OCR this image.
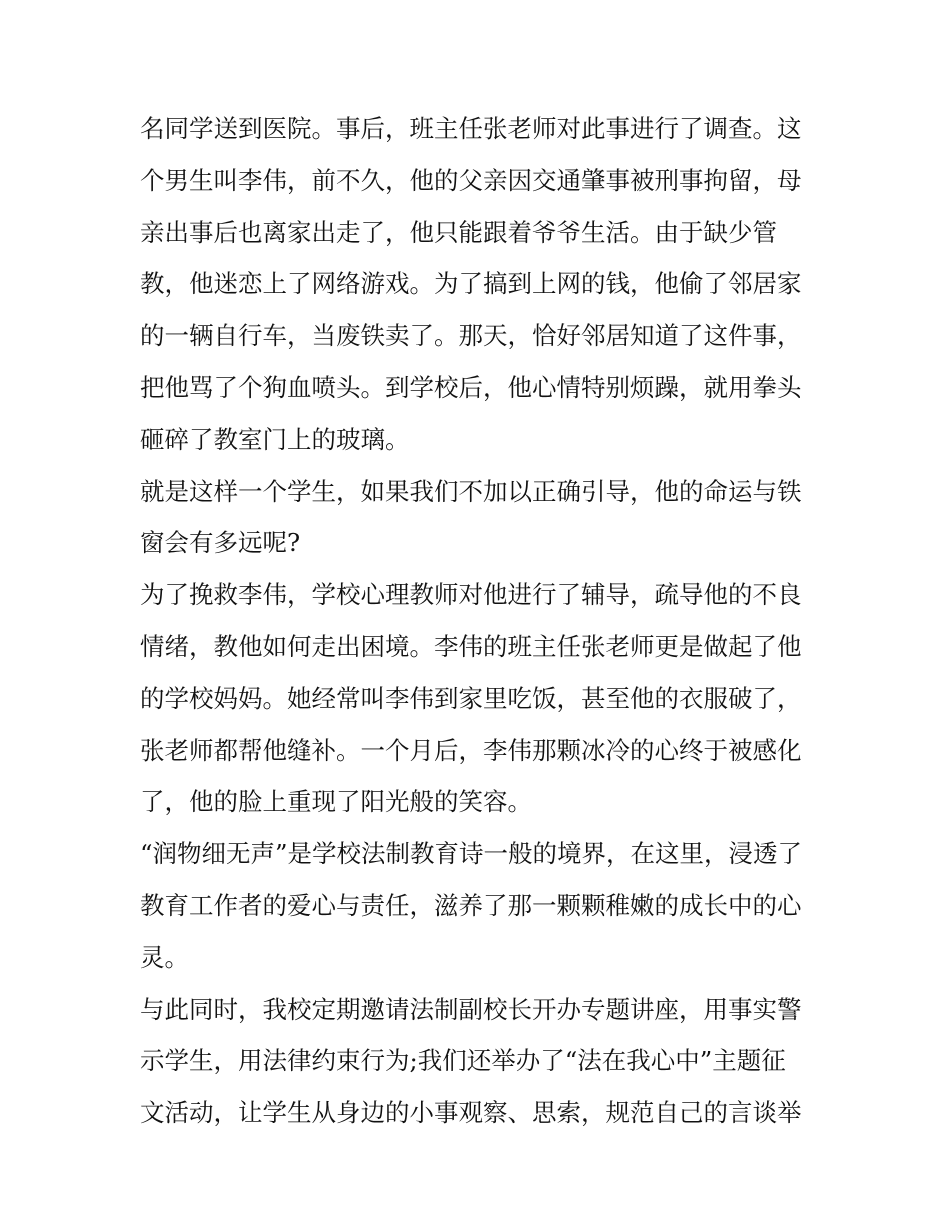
名同学送到医院。事后，班主任张老师对此事进行了调查。这
个男生叫李伟，前不久，他的父亲因交通肇事被刑事拘留，母
亲出事后也离家出走了，他只能跟着爷爷生活。由于缺少管
教，他迷恋上了网络游戏。为了搞到上网的钱，他偷了邻居家
的一辆自行车，当废铁卖了。那天，恰好邻居知道了这件事，
把他骂了个狗血喷头。到学校后，他心情特别烦躁，就用拳头
砸碎了教室门上的玻璃。
就是这样一个学生，如果我们不加以正确引导，他的命运与铁
窗会有多远呢?
为了挽救李伟，学校心理教师对他进行了辅导，疏导他的不良
情绪，教他如何走出困境。李伟的班主任张老师更是做起了他
的学校妈妈。她经常叫李伟到家里吃饭，甚至他的衣服破了，
张老师都帮他缝补。一个月后，李伟那颗冰冷的心终于被感化
了，他的脸上重现了阳光般的笑容。
“润物细无声”是学校法制教育诗一般的境界，在这里，浸透了
教育工作者的爱心与责任，滋养了那一颗颗稚嫩的成长中的心
灵。
与此同时，我校定期邀请法制副校长开办专题讲座，用事实警
示学生，用法律约束行为;我们还举办了“法在我心中”主题征
文活动，让学生从身边的小事观察、思索，规范自己的言谈举
